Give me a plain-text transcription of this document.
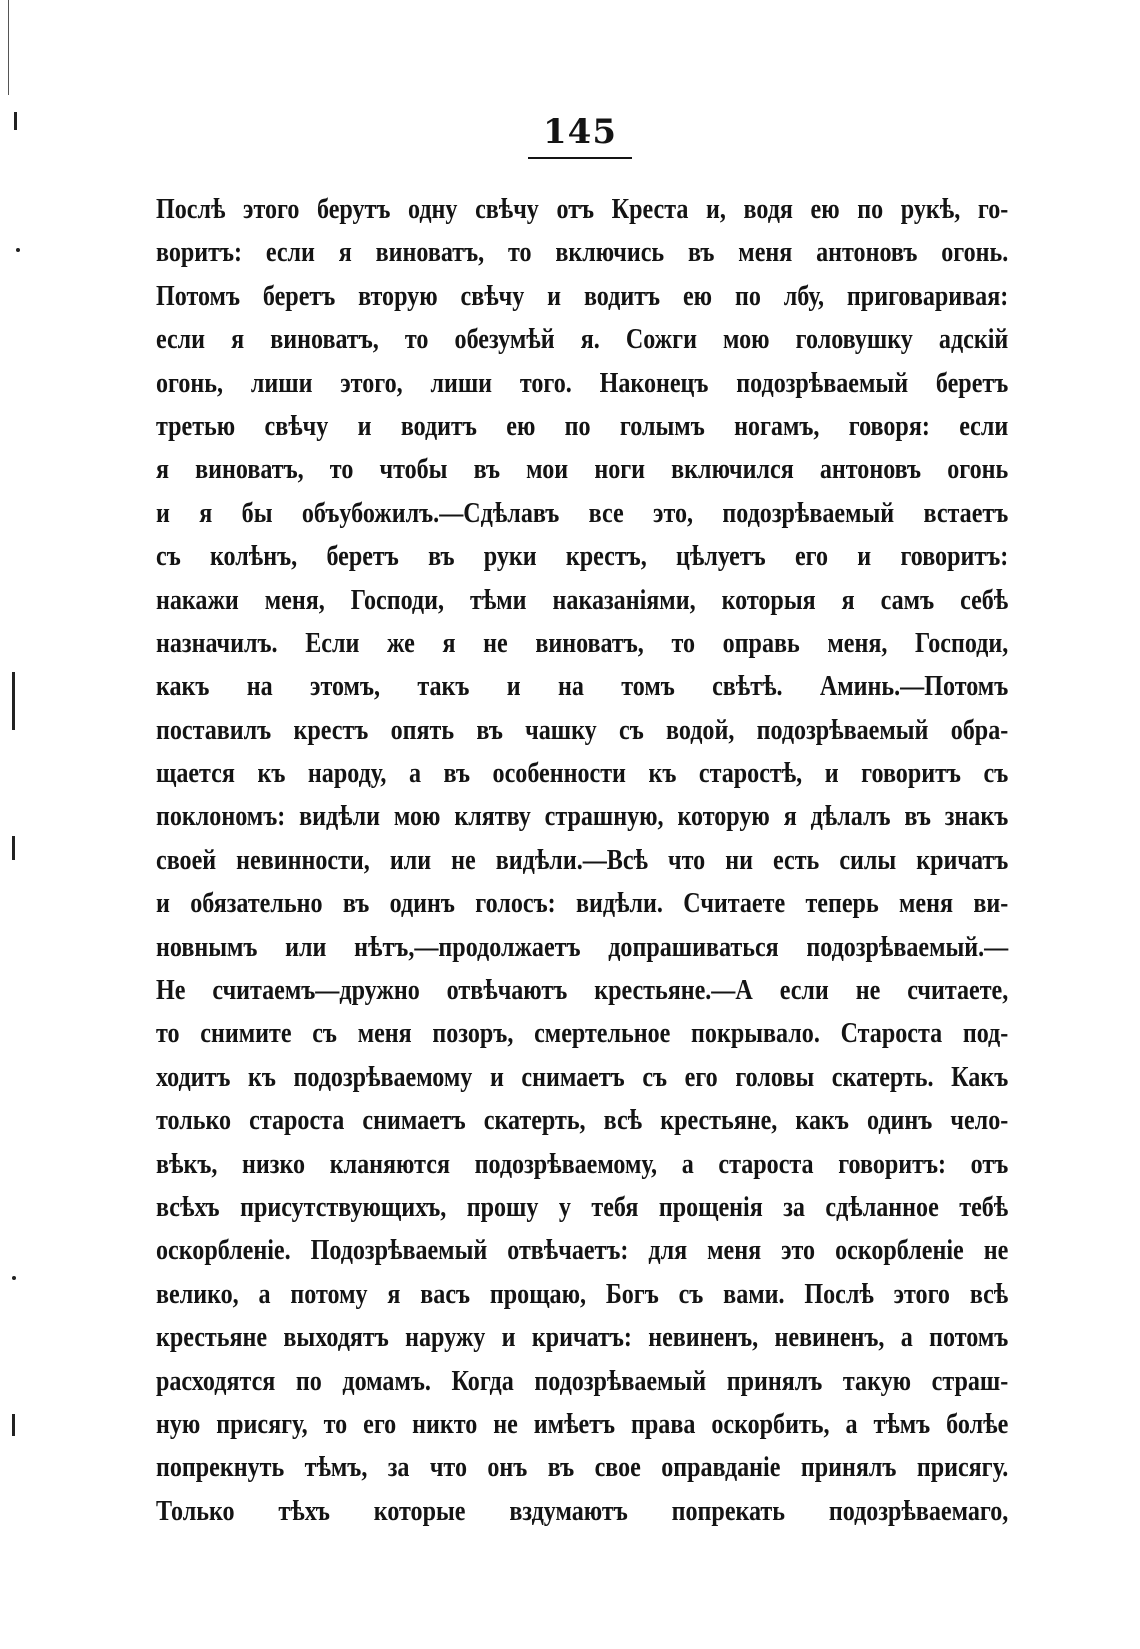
145
Послѣ этого берутъ одну свѣчу отъ Креста и, водя ею по рукѣ, го-
воритъ: если я виноватъ, то включись въ меня антоновъ огонь.
Потомъ беретъ вторую свѣчу и водитъ ею по лбу, приговаривая:
если я виноватъ, то обезумѣй я. Сожги мою головушку адскій
огонь, лиши этого, лиши того. Наконецъ подозрѣваемый беретъ
третью свѣчу и водитъ ею по голымъ ногамъ, говоря: если
я виноватъ, то чтобы въ мои ноги включился антоновъ огонь
и я бы объубожилъ.—Сдѣлавъ все это, подозрѣваемый встаетъ
съ колѣнъ, беретъ въ руки крестъ, цѣлуетъ его и говоритъ:
накажи меня, Господи, тѣми наказаніями, которыя я самъ себѣ
назначилъ. Если же я не виноватъ, то оправь меня, Господи,
какъ на этомъ, такъ и на томъ свѣтѣ. Аминь.—Потомъ
поставилъ крестъ опять въ чашку съ водой, подозрѣваемый обра-
щается къ народу, а въ особенности къ старостѣ, и говоритъ съ
поклономъ: видѣли мою клятву страшную, которую я дѣлалъ въ знакъ
своей невинности, или не видѣли.—Всѣ что ни есть силы кричатъ
и обязательно въ одинъ голосъ: видѣли. Считаете теперь меня ви-
новнымъ или нѣтъ,—продолжаетъ допрашиваться подозрѣваемый.—
Не считаемъ—дружно отвѣчаютъ крестьяне.—А если не считаете,
то снимите съ меня позоръ, смертельное покрывало. Староста под-
ходитъ къ подозрѣваемому и снимаетъ съ его головы скатерть. Какъ
только староста снимаетъ скатерть, всѣ крестьяне, какъ одинъ чело-
вѣкъ, низко кланяются подозрѣваемому, а староста говоритъ: отъ
всѣхъ присутствующихъ, прошу у тебя прощенія за сдѣланное тебѣ
оскорбленіе. Подозрѣваемый отвѣчаетъ: для меня это оскорбленіе не
велико, а потому я васъ прощаю, Богъ съ вами. Послѣ этого всѣ
крестьяне выходятъ наружу и кричатъ: невиненъ, невиненъ, а потомъ
расходятся по домамъ. Когда подозрѣваемый принялъ такую страш-
ную присягу, то его никто не имѣетъ права оскорбить, а тѣмъ болѣе
попрекнуть тѣмъ, за что онъ въ свое оправданіе принялъ присягу.
Только тѣхъ которые вздумаютъ попрекать подозрѣваемаго,
